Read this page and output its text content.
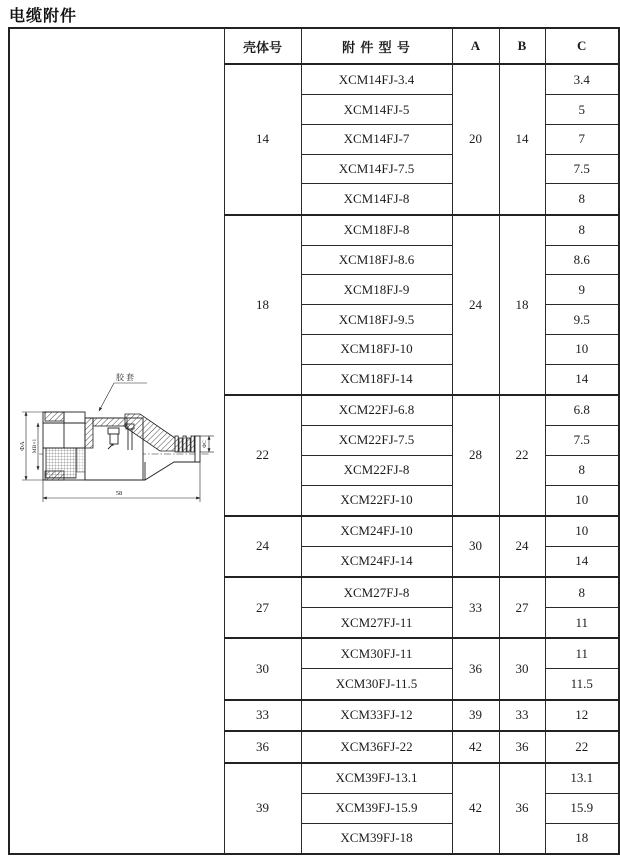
电缆附件
胶 套
ΦA MB×1 ΦC
58	壳体号	附 件 型 号	A	B	C
	14	XCM14FJ-3.4	20	14	3.4
		XCM14FJ-5			5
		XCM14FJ-7			7
		XCM14FJ-7.5			7.5
		XCM14FJ-8			8
	18	XCM18FJ-8	24	18	8
		XCM18FJ-8.6			8.6
		XCM18FJ-9			9
		XCM18FJ-9.5			9.5
		XCM18FJ-10			10
		XCM18FJ-14			14
	22	XCM22FJ-6.8	28	22	6.8
		XCM22FJ-7.5			7.5
		XCM22FJ-8			8
		XCM22FJ-10			10
	24	XCM24FJ-10	30	24	10
		XCM24FJ-14			14
	27	XCM27FJ-8	33	27	8
		XCM27FJ-11			11
	30	XCM30FJ-11	36	30	11
		XCM30FJ-11.5			11.5
	33	XCM33FJ-12	39	33	12
	36	XCM36FJ-22	42	36	22
	39	XCM39FJ-13.1	42	36	13.1
		XCM39FJ-15.9			15.9
		XCM39FJ-18			18
